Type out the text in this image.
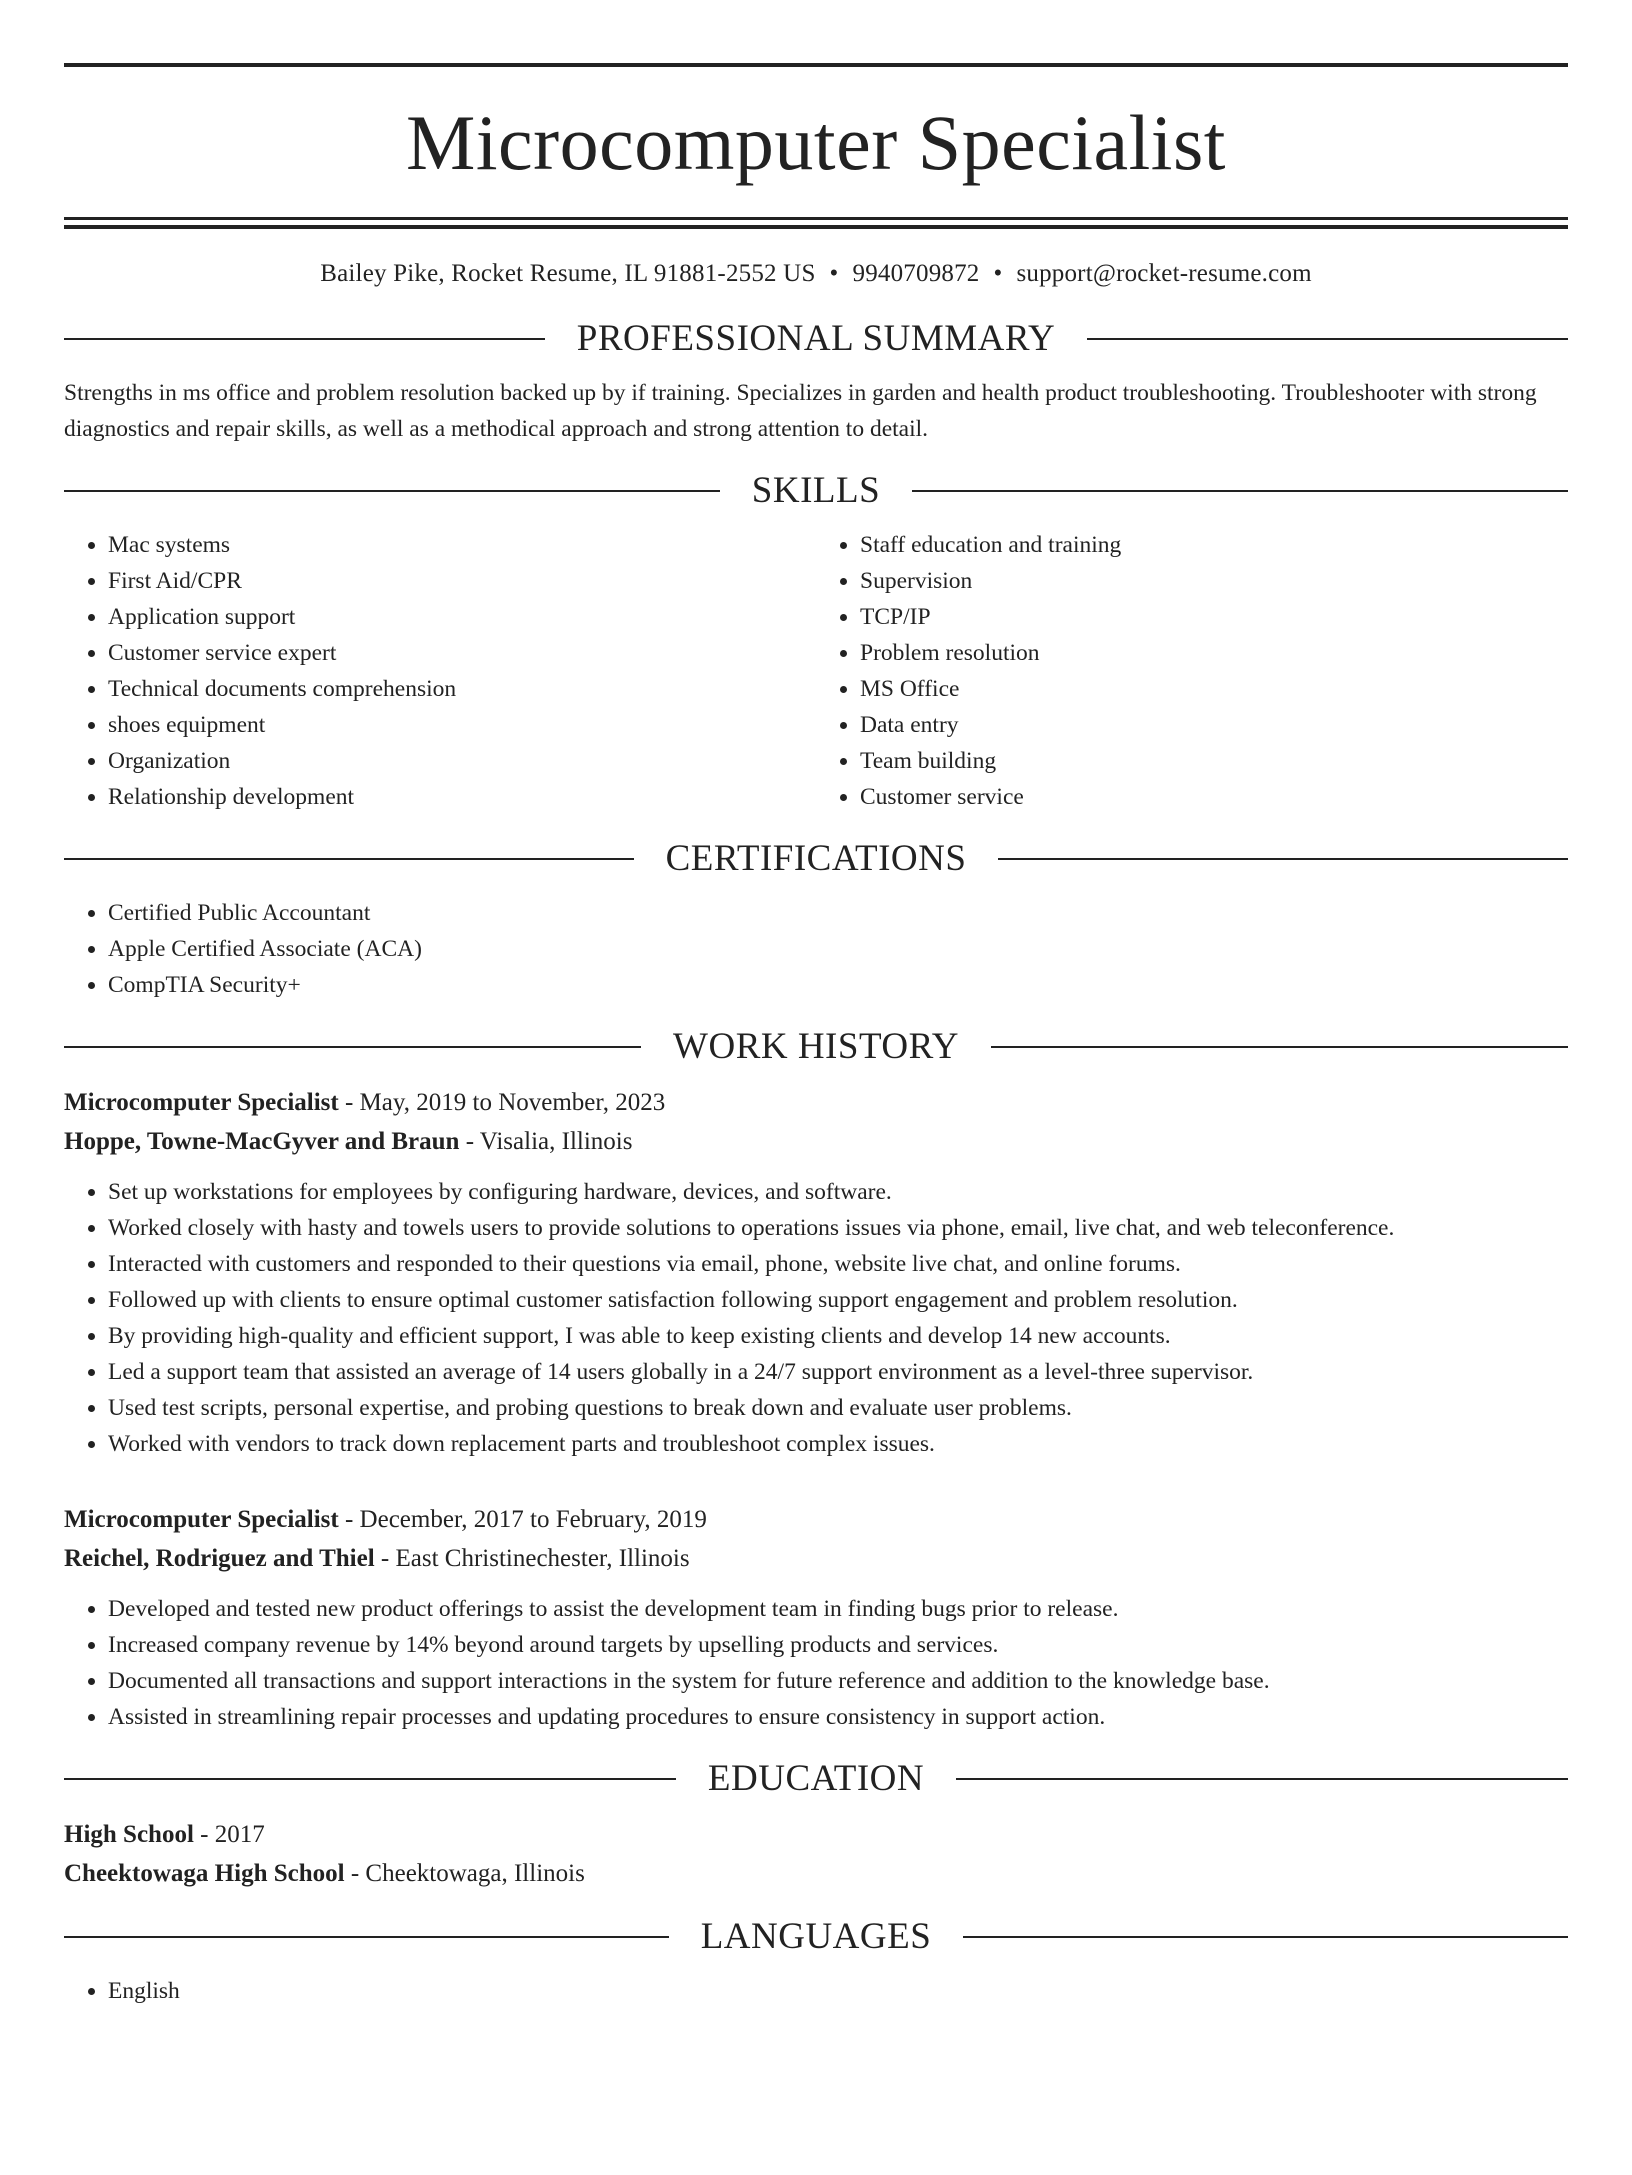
Microcomputer Specialist
Bailey Pike, Rocket Resume, IL 91881-2552 US • 9940709872 • support@rocket-resume.com
PROFESSIONAL SUMMARY

Strengths in ms office and problem resolution backed up by if training. Specializes in garden and health product troubleshooting. Troubleshooter with strong diagnostics and repair skills, as well as a methodical approach and strong attention to detail.

SKILLS
• Mac systems
• First Aid/CPR
• Application support
• Customer service expert
• Technical documents comprehension
• shoes equipment
• Organization
• Relationship development
• Staff education and training
• Supervision
• TCP/IP
• Problem resolution
• MS Office
• Data entry
• Team building
• Customer service
CERTIFICATIONS
• Certified Public Accountant
• Apple Certified Associate (ACA)
• CompTIA Security+
WORK HISTORY
Microcomputer Specialist - May, 2019 to November, 2023
Hoppe, Towne-MacGyver and Braun - Visalia, Illinois
• Set up workstations for employees by configuring hardware, devices, and software.
• Worked closely with hasty and towels users to provide solutions to operations issues via phone, email, live chat, and web teleconference.
• Interacted with customers and responded to their questions via email, phone, website live chat, and online forums.
• Followed up with clients to ensure optimal customer satisfaction following support engagement and problem resolution.
• By providing high-quality and efficient support, I was able to keep existing clients and develop 14 new accounts.
• Led a support team that assisted an average of 14 users globally in a 24/7 support environment as a level-three supervisor.
• Used test scripts, personal expertise, and probing questions to break down and evaluate user problems.
• Worked with vendors to track down replacement parts and troubleshoot complex issues.
Microcomputer Specialist - December, 2017 to February, 2019
Reichel, Rodriguez and Thiel - East Christinechester, Illinois
• Developed and tested new product offerings to assist the development team in finding bugs prior to release.
• Increased company revenue by 14% beyond around targets by upselling products and services.
• Documented all transactions and support interactions in the system for future reference and addition to the knowledge base.
• Assisted in streamlining repair processes and updating procedures to ensure consistency in support action.
EDUCATION
High School - 2017
Cheektowaga High School - Cheektowaga, Illinois
LANGUAGES
• English
